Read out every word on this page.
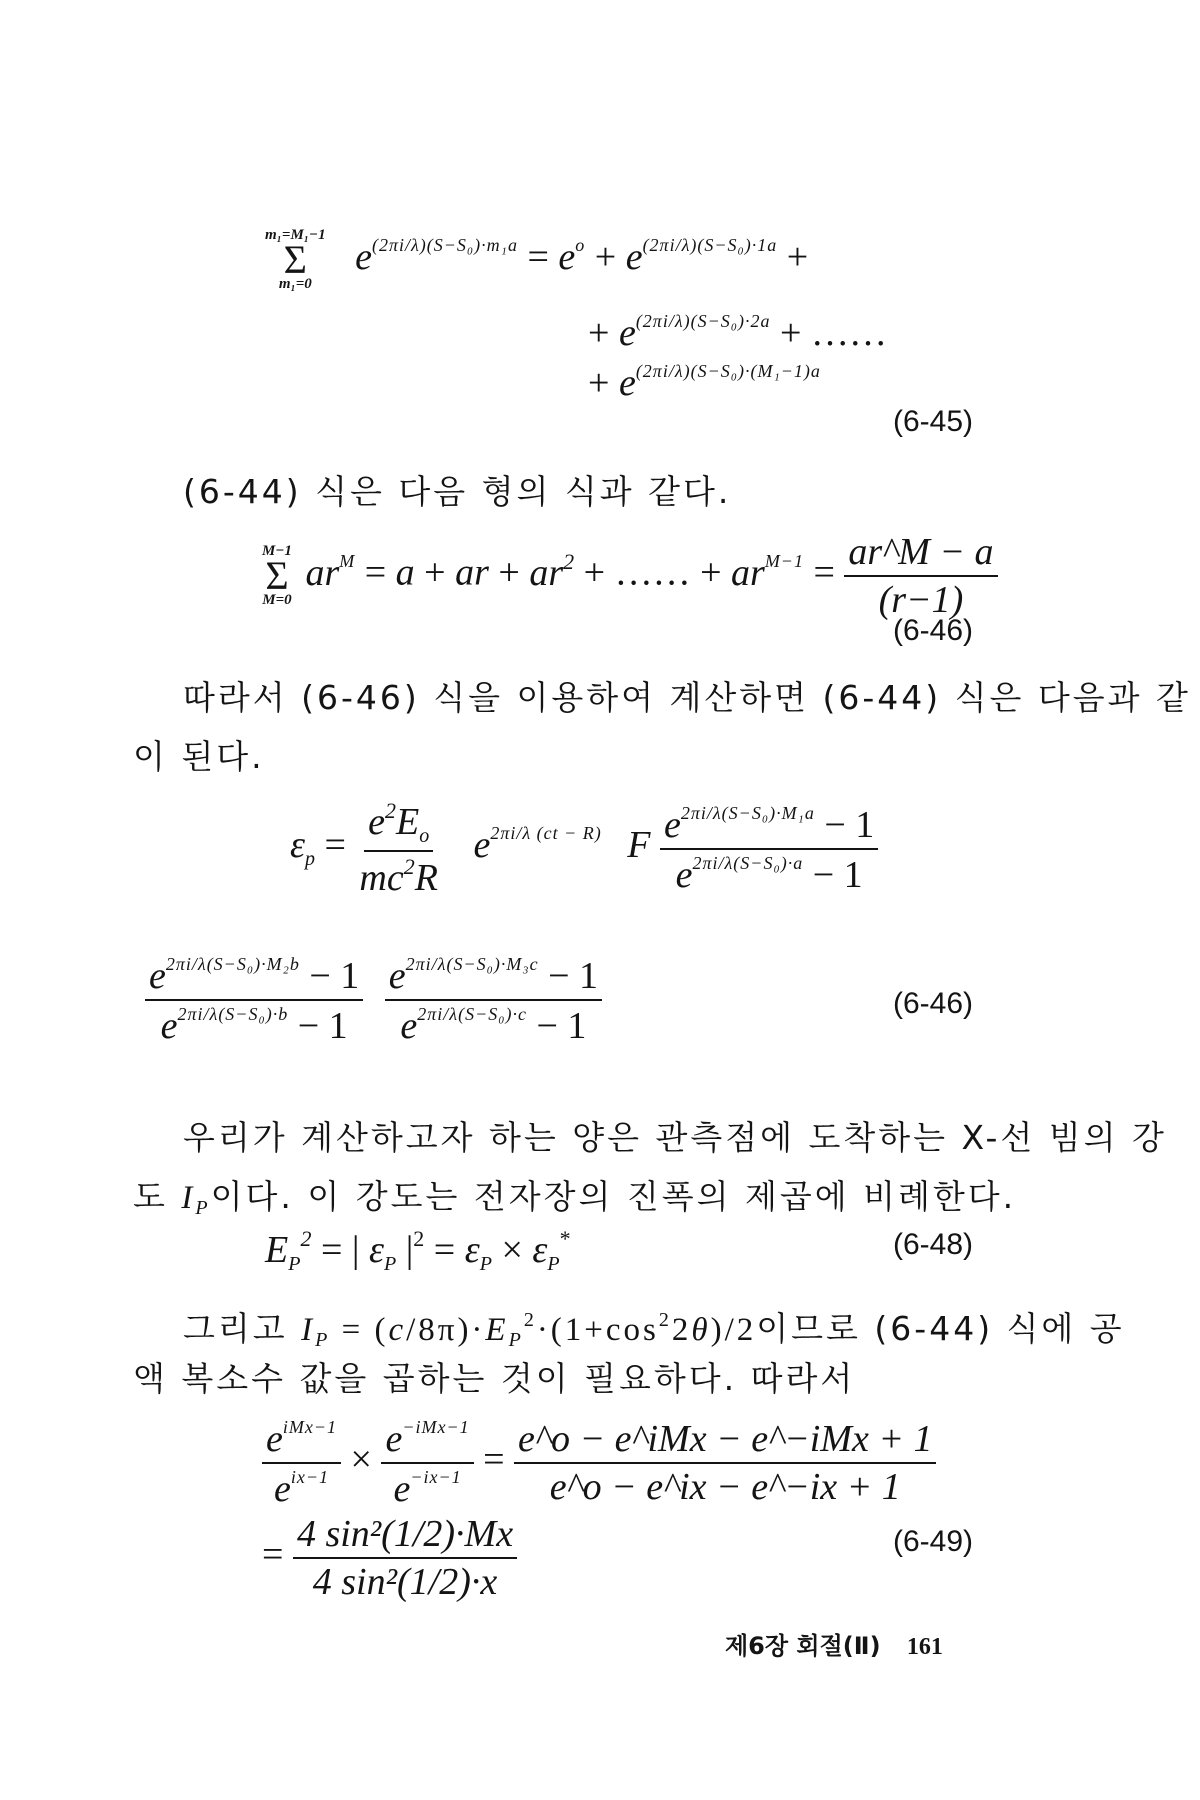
m₁=M₁−1
Σ
m₁=0
$e^{(2\pi i/\lambda)(S-S_0)\cdot m_1a} = e^o + e^{(2\pi i/\lambda)(S-S_0)\cdot 1a}$ +
+ $e^{(2\pi i/\lambda)(S-S_0)\cdot 2a}$ + ……
+ $e^{(2\pi i/\lambda)(S-S_0)\cdot(M_1-1)a}$
(6-45)
(6-44) 식은 다음 형의 식과 같다.
M−1
Σ
M=0
$ar^M = a$ + ar + $ar^2$ + …… + $ar^{M-1} = \frac{ar\^{}M - a}{(r-1)}$
(6-46)
따라서 (6-46) 식을 이용하여 계산하면 (6-44) 식은 다음과 같
이 된다.
$\varepsilon_p = \frac{e^2E_o}{mc^2R} e^{2\pi i/\lambda (ct - R)}$ F $\frac{e^{2\pi i/\lambda(S-S_0)\cdot M_1a} - 1}{e^{2\pi i/\lambda(S-S_0)\cdot a} - 1}$
$\frac{e^{2\pi i/\lambda(S-S_0)\cdot M_2b} - 1}{e^{2\pi i/\lambda(S-S_0)\cdot b} - 1}$
$\frac{e^{2\pi i/\lambda(S-S_0)\cdot M_3c} - 1}{e^{2\pi i/\lambda(S-S_0)\cdot c} - 1}$	(6-46)
우리가 계산하고자 하는 양은 관측점에 도착하는 X-선 빔의 강
도 IP이다. 이 강도는 전자장의 진폭의 제곱에 비례한다.
$E_P^2$ = | $\varepsilon_P$ $|^2 = \varepsilon_P \times \varepsilon_P^*$	(6-48)
그리고 IP = $(c/8\pi)\cdot EP^2\cdot(1+\cos^22\theta)/2$이므로 (6-44) 식에 공
액 복소수 값을 곱하는 것이 필요하다. 따라서
$\frac{e^{iMx-1}}{e^{ix-1}} \times \frac{e^{-iMx-1}}{e^{-ix-1}} = \frac{\text{e\textasciicircum{}o − e\textasciicircum{}iMx − e\textasciicircum{}−iMx + 1}}{e\^{}o - e\^{}ix - e\^{}-ix + 1}$
= $\frac{\text{4 sin²(1/2)·Mx}}{\text{4 sin²(1/2)·x}}$	(6-49)
제6장 회절(Ⅱ) 161
